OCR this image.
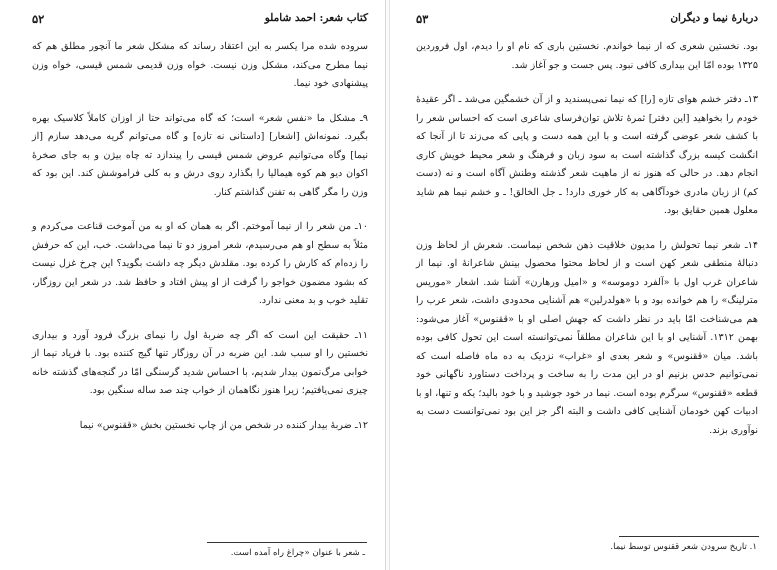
کتاب شعر: احمد شاملو
۵۲

سروده شده مرا یکسر به این اعتقاد رساند که مشکل شعر ما آنچور مطلق هم که نیما مطرح می‌کند، مشکل وزن نیست. خواه وزن قدیمی شمس قیسی، خواه وزن پیشنهادی خود نیما.

۹ـ مشکل ما «نفس شعر» است؛ که گاه می‌تواند حتا از اوزان کاملاً کلاسیک بهره بگیرد. نمونه‌اش [اشعار] [داستانی نه تازه] و گاه می‌توانم گریه می‌دهد سازم [از نیما] وگاه می‌توانیم عروض شمس قیسی را پیندازد ته چاه بیژن و به جای صخرهٔ اکوان دیو هم کوه هیمالیا را بگذارد روی درش و به کلی فراموشش کند. این بود که وزن را مگر گاهی به تفنن گذاشتم کنار.

۱۰ـ من شعر را از نیما آموختم. اگر به همان که او به من آموخت قناعت می‌کردم و مثلاً به سطح او هم می‌رسیدم، شعر امروز دو تا نیما می‌داشت. خب، این که حرفش را زده‌ام که کارش را کرده بود. مقلدش دیگر چه داشت بگوید؟ این چرخ غزل نیست که بشود مضمون خواجو را گرفت از او پیش افتاد و حافظ شد. در شعر این روزگار، تقلید خوب و بد معنی ندارد.

۱۱ـ حقیقت این است که اگر چه ضربهٔ اول را نیمای بزرگ فرود آورد و بیداری نخستین را او سبب شد. این ضربه در آن روزگار تنها گیج کننده بود. با فریاد نیما از خوابی مرگ‌نمون بیدار شدیم، با احساس شدید گرسنگی امّا در گنجه‌های گذشته خانه چیزی نمی‌یافتیم؛ زیرا هنوز نگاهمان از خواب چند صد ساله سنگین بود.

۱۲ـ ضربهٔ بیدار کننده در شخص من از چاپ نخستین بخش «ققنوس» نیما

ـ شعر با عنوان «چراغ راه آمده است.
دربارهٔ نیما و دیگران
۵۳

بود. نخستین شعری که از نیما خواندم. نخستین باری که نام او را دیدم، اول فروردین ۱۳۲۵ بوده امّا این بیداری کافی نبود. پس جست و جو آغاز شد.

۱۳ـ دفتر خشم هوای تازه [را] که نیما نمی‌پسندید و از آن خشمگین می‌شد ـ اگر عقیدهٔ خودم را بخواهید [این دفتر] ثمرهٔ تلاش توان‌فرسای شاعری است که احساس شعر را با کشف شعر عوضی گرفته است و با این همه دست و پایی که می‌زند تا از آنجا که انگشت کیسه بزرگ گذاشته است به سود زبان و فرهنگ و شعر محیط خویش کاری انجام دهد. در حالی که هنوز نه از ماهیت شعر گذشته وطنش آگاه است و نه (دست کم) از زبان مادری خودآگاهی به کار خوری دارد! ـ جل الخالق! ـ و خشم نیما هم شاید معلول همین حقایق بود.

۱۴ـ شعر نیما تحولش را مدیون خلاقیت ذهن شخص نیماست. شعرش از لحاظ وزن دنبالهٔ منطقی شعر کهن است و از لحاظ محتوا محصول بینش شاعرانهٔ او. نیما از شاعران غرب اول با «آلفرد دوموسه» و «امیل ورهارن» آشنا شد. اشعار «موریس مترلینگ» را هم خوانده بود و با «هولدرلین» هم آشنایی محدودی داشت، شعر عرب را هم می‌شناخت امّا باید در نظر داشت که جهش اصلی او با «ققنوس» آغاز می‌شود: بهمن ۱۳۱۲. آشنایی او با این شاعران مطلقاً نمی‌توانسته است این تحول کافی بوده باشد. میان «ققنوس» و شعر بعدی او «غراب» نزدیک به ده ماه فاصله است که نمی‌توانیم حدس بزنیم او در این مدت را به ساخت و پرداخت دستاورد ناگهانی خود قطعه «ققنوس» سرگرم بوده است. نیما در خود جوشید و با خود بالید؛ یکه و تنها، او با ادبیات کهن خودمان آشنایی کافی داشت و البته اگر جز این بود نمی‌توانست دست به نوآوری بزند.

۱. تاریخ سرودن شعر ققنوس توسط نیما.
